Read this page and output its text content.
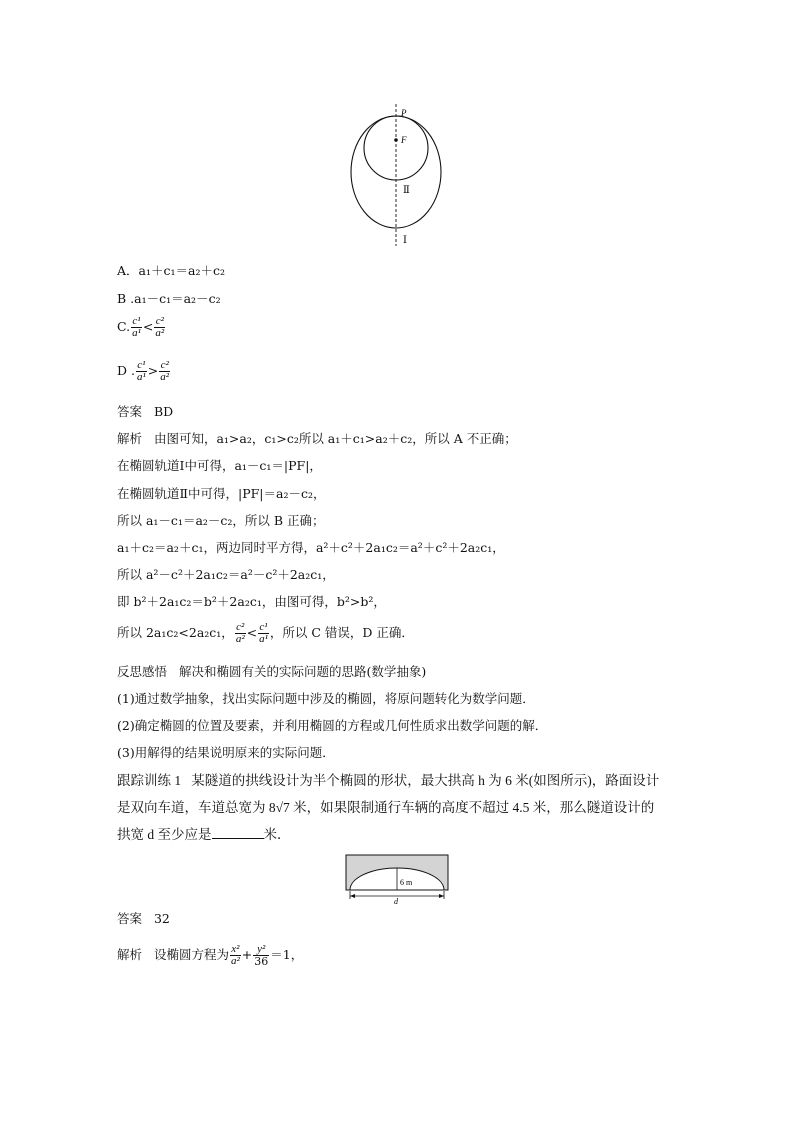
P
F
Ⅱ
Ⅰ
A．a₁＋c₁＝a₂＋c₂
B .a₁－c₁＝a₂－c₂
C. $\frac{\text{c¹}}{\text{a¹}} < \frac{\text{c²}}{\text{a²}}$
D . $\frac{\text{c¹}}{\text{a¹}} > \frac{\text{c²}}{\text{a²}}$
答案 BD
解析 由图可知，a₁>a₂，c₁>c₂所以 a₁＋c₁>a₂＋c₂，所以 A 不正确；
在椭圆轨道Ⅰ中可得，a₁－c₁＝|PF|，
在椭圆轨道Ⅱ中可得，|PF|＝a₂－c₂，
所以 a₁－c₁＝a₂－c₂，所以 B 正确；
a₁＋c₂＝a₂＋c₁，两边同时平方得，a²＋c²＋2a₁c₂＝a²＋c²＋2a₂c₁，
所以 a²－c²＋2a₁c₂＝a²－c²＋2a₂c₁，
即 b²＋2a₁c₂＝b²＋2a₂c₁，由图可得，b²>b²，
所以 2a₁c₂<2a₂c₁， $\frac{\text{c²}}{\text{a²}} < \frac{\text{c¹}}{\text{a¹}}$ ，所以 C 错误，D 正确．
反思感悟 解决和椭圆有关的实际问题的思路(数学抽象)
(1)通过数学抽象，找出实际问题中涉及的椭圆，将原问题转化为数学问题．
(2)确定椭圆的位置及要素，并利用椭圆的方程或几何性质求出数学问题的解．
(3)用解得的结果说明原来的实际问题．
跟踪训练 1 某隧道的拱线设计为半个椭圆的形状，最大拱高 h 为 6 米(如图所示)，路面设计
是双向车道，车道总宽为 8√7 米，如果限制通行车辆的高度不超过 4.5 米，那么隧道设计的
拱宽 d 至少应是	米．
6 m
d
答案 32
解析 设椭圆方程为 $\frac{\text{x²}}{\text{a²}} + \frac{\text{y²}}{36} =1$，
